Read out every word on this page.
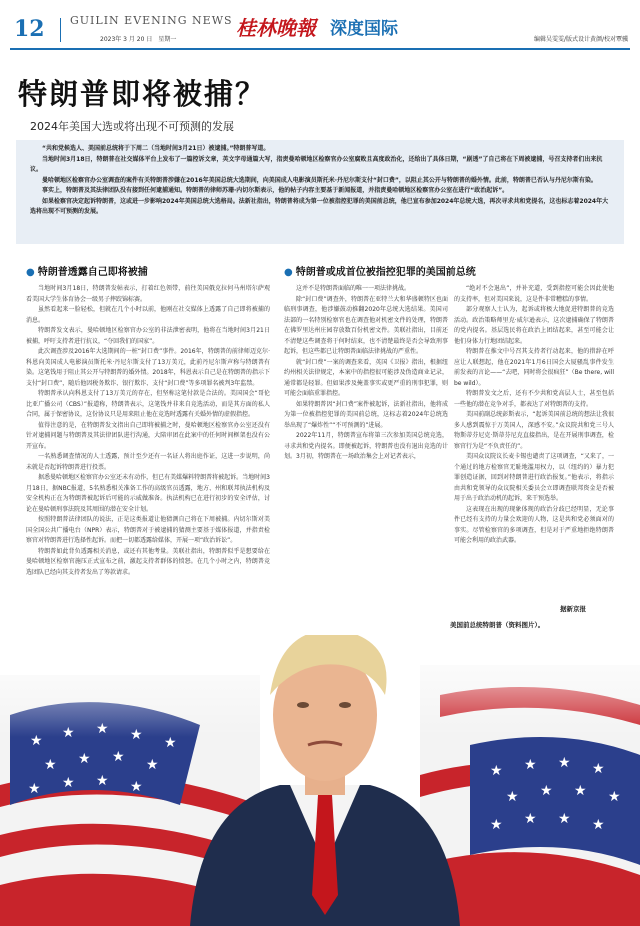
12 GUILIN EVENING NEWS
2023年 3 月 20 日　星期一	桂林晚報 深度国际
编辑吴雯雯/版式设计黄颜/校对覃骥
特朗普即将被捕？
2024年美国大选或将出现不可预测的发展

“共和党候选人、美国前总统将于下周二（当地时间3月21日）被逮捕。”特朗普写道。

当地时间3月18日，特朗普在社交媒体平台上发布了一篇控诉文章，英文字母通篇大写，指责曼哈顿地区检察官办公室腐败且高度政治化，还给出了具体日期，“剧透”了自己将在下周被逮捕，号召支持者们出来抗议。

曼哈顿地区检察官办公室调查的案件有关特朗普涉嫌在2016年美国总统大选期间，向美国成人电影演员斯托米·丹尼尔斯支付“封口费”，以阻止其公开与特朗普的婚外情。此前，特朗普已否认与丹尼尔斯有染。

事实上，特朗普及其法律团队没有接到任何逮捕通知。特朗普的律师苏珊·内切尔斯表示，他的帖子内容主要基于新闻报道，并指责曼哈顿地区检察官办公室在进行“政治起诉”。

如果检察官决定起诉特朗普，这或进一步影响2024年美国总统大选格局。法新社指出，特朗普将成为第一位被指控犯罪的美国前总统，他已宣布参加2024年总统大选，再次寻求共和党提名，这也标志着2024年大选将出现不可预测的发展。

● 特朗普透露自己即将被捕	● 特朗普或成首位被指控犯罪的美国前总统

当地时间3月18日，特朗普发帖表示，打着红色领带，前往美国俄克拉何马州塔尔萨观看美国大学生体育协会一级男子摔跤锦标赛。

虽然看起来一脸轻松，但就在几个小时以前，他刚在社交媒体上透露了自己即将被捕的消息。

特朗普发文表示，曼哈顿地区检察官办公室的非法泄密表明，他将在当地时间3月21日被捕，呼吁支持者进行抗议，“夺回我们的国家”。

此次调查涉及2016年大选期间的一桩“封口费”事件。2016年，特朗普的前律师迈克尔·科恩向美国成人电影演员斯托米·丹尼尔斯支付了13万美元，此前丹尼尔斯声称与特朗普有染。这笔钱用于阻止其公开与特朗普的婚外情。2018年，科恩表示自己是在特朗普的指示下支付“封口费”，随后他因税务欺诈、银行欺诈、支付“封口费”等多项罪名被判3年监禁。

特朗普承认向科恩支付了13万美元的存在，但坚称这笔付款是合法的。美国国会“哥伦比亚广播公司（CBS）”报道称，特朗普表示，这笔钱并非来自竞选活动，而是其方面的私人合同，属于保密协议，这份协议只是用来阻止他在竞选时透露有关婚外情的虚假指控。

值得注意的是，在特朗普发文指出自己即将被捕之时，曼哈顿地区检察官办公室还没有针对逮捕问题与特朗普及其法律团队进行沟通，大陪审团在此案中的任何时间框架也没有公开宣布。

一名熟悉调查情况的人士透露，预计至少还有一名证人将出庭作证，这进一步说明，尚未就是否起诉特朗普进行投票。

据悉曼哈顿地区检察官办公室还未有动作，但已有美媒爆料特朗普将被起诉。当地时间3月18日，据NBC报道，5名熟悉相关准备工作的高级官员透露，地方、州和联邦执法机构及安全机构正在为特朗普被起诉后可能的示威做准备。执法机构已在进行初步的安全评估，讨论在曼哈顿刑事法院及其周围的潜在安全计划。

按照特朗普法律团队的说法，正是这类报道让他猜测自己将在下周被捕。内切尔斯对美国全国公共广播电台（NPR）表示，特朗普对于被逮捕的猜测主要基于媒体报道，并指责检察官对特朗普进行选择性起诉。而把一切都透露给媒体，开展一项“政治诉讼”。

特朗普如此背负透露相关消息，或还有其他考量。美联社指出，特朗普似乎是想要给在曼哈顿地区检察官施压正式宣布之前，激起支持者群体的愤怒。在几个小时之内，特朗普竞选团队已经向其支持者发出了筹款请求。

这并不是特朗普面临的唯一一项法律挑战。

除“封口费”调查外，特朗普在亚特兰大和华盛顿特区也面临刑事调查，他涉嫌鼓动推翻2020年总统大选结果。美国司法部的一名特别检察官也在调查他对机密文件的处理，特朗普在佛罗里达州庄园存放数百份机密文件。美联社指出，目前还不清楚这些调查将于何时结束，也不清楚最终是否会导致刑事起诉，但这些都已让特朗普面临法律挑战的严重性。

就“封口费”一案的调查来看，英国《卫报》指出，根据纽约州相关法律规定，本案中的指控很可能涉及伪造商业记录，通常都是轻罪。但如果涉及掩盖事实或更严重的刑事犯罪，则可能会面临重罪指控。

如果特朗普因“封口费”案件被起诉，法新社指出，他将成为第一位被指控犯罪的美国前总统，这标志着2024年总统选举出现了“爆炸性”“不可预测的”进展。

2022年11月，特朗普宣布将第三次参加美国总统竞选，寻求共和党内提名。即便被起诉，特朗普也没有退出竞选的计划。3月初，特朗普在一场政治集会上对记者表示，

“绝对不会退出”，并补充道，受到指控可能会因此使他的支持率，但对美国来说，这是件非常糟糕的事情。

部分观察人士认为，起诉或将极大地促进特朗普的竞选活动。政治策略师里克·威尔逊表示，这次逮捕确保了特朗普的党内提名。基层选民将在政治上团结起来，甚至可能会让他们身体力行地团结起来。

特朗普在推文中号召其支持者行动起来，他的措辞在呼应让人联想起，他在2021年1月6日国会大厦骚乱事件发生前发表的言论——“去吧，同时将会很疯狂”（Be there, will be wild）。

特朗普发文之后，还有不少共和党高层人士，甚至包括一些他的潜在竞争对手，都表达了对特朗普的支持。

美国前副总统彭斯表示，“起诉美国前总统的想法让我很多人感到震惊于万美国人，深感不安。”众议院共和党三号人物斯蒂芬尼克·斯蒂芬尼克直接指出，是在开展刑事调查，检察官行为是“不负责任的”。

美国众议院议长麦卡锡也谴责了这项调查，“又来了，一个通过的地方检察官无耻地滥用权力，以（纽约的）暴力犯罪创造证据，回到对特朗普进行政治报复。”他表示，将指示由共和党领导的众议院相关委员会立即调查联邦资金是否被用于出于政治动机的起诉，来干预选举。

这表现在出现的现象体现的政治分歧已经明显，无论事件已经有支持的力量会欢迎的人物，这是共和党必须面对的事实。尽管检察官的多项调查，但是对于严重地拒绝特朗普可能会利用的政治武器。

据新京报
美国前总统特朗普（资料图片）。
